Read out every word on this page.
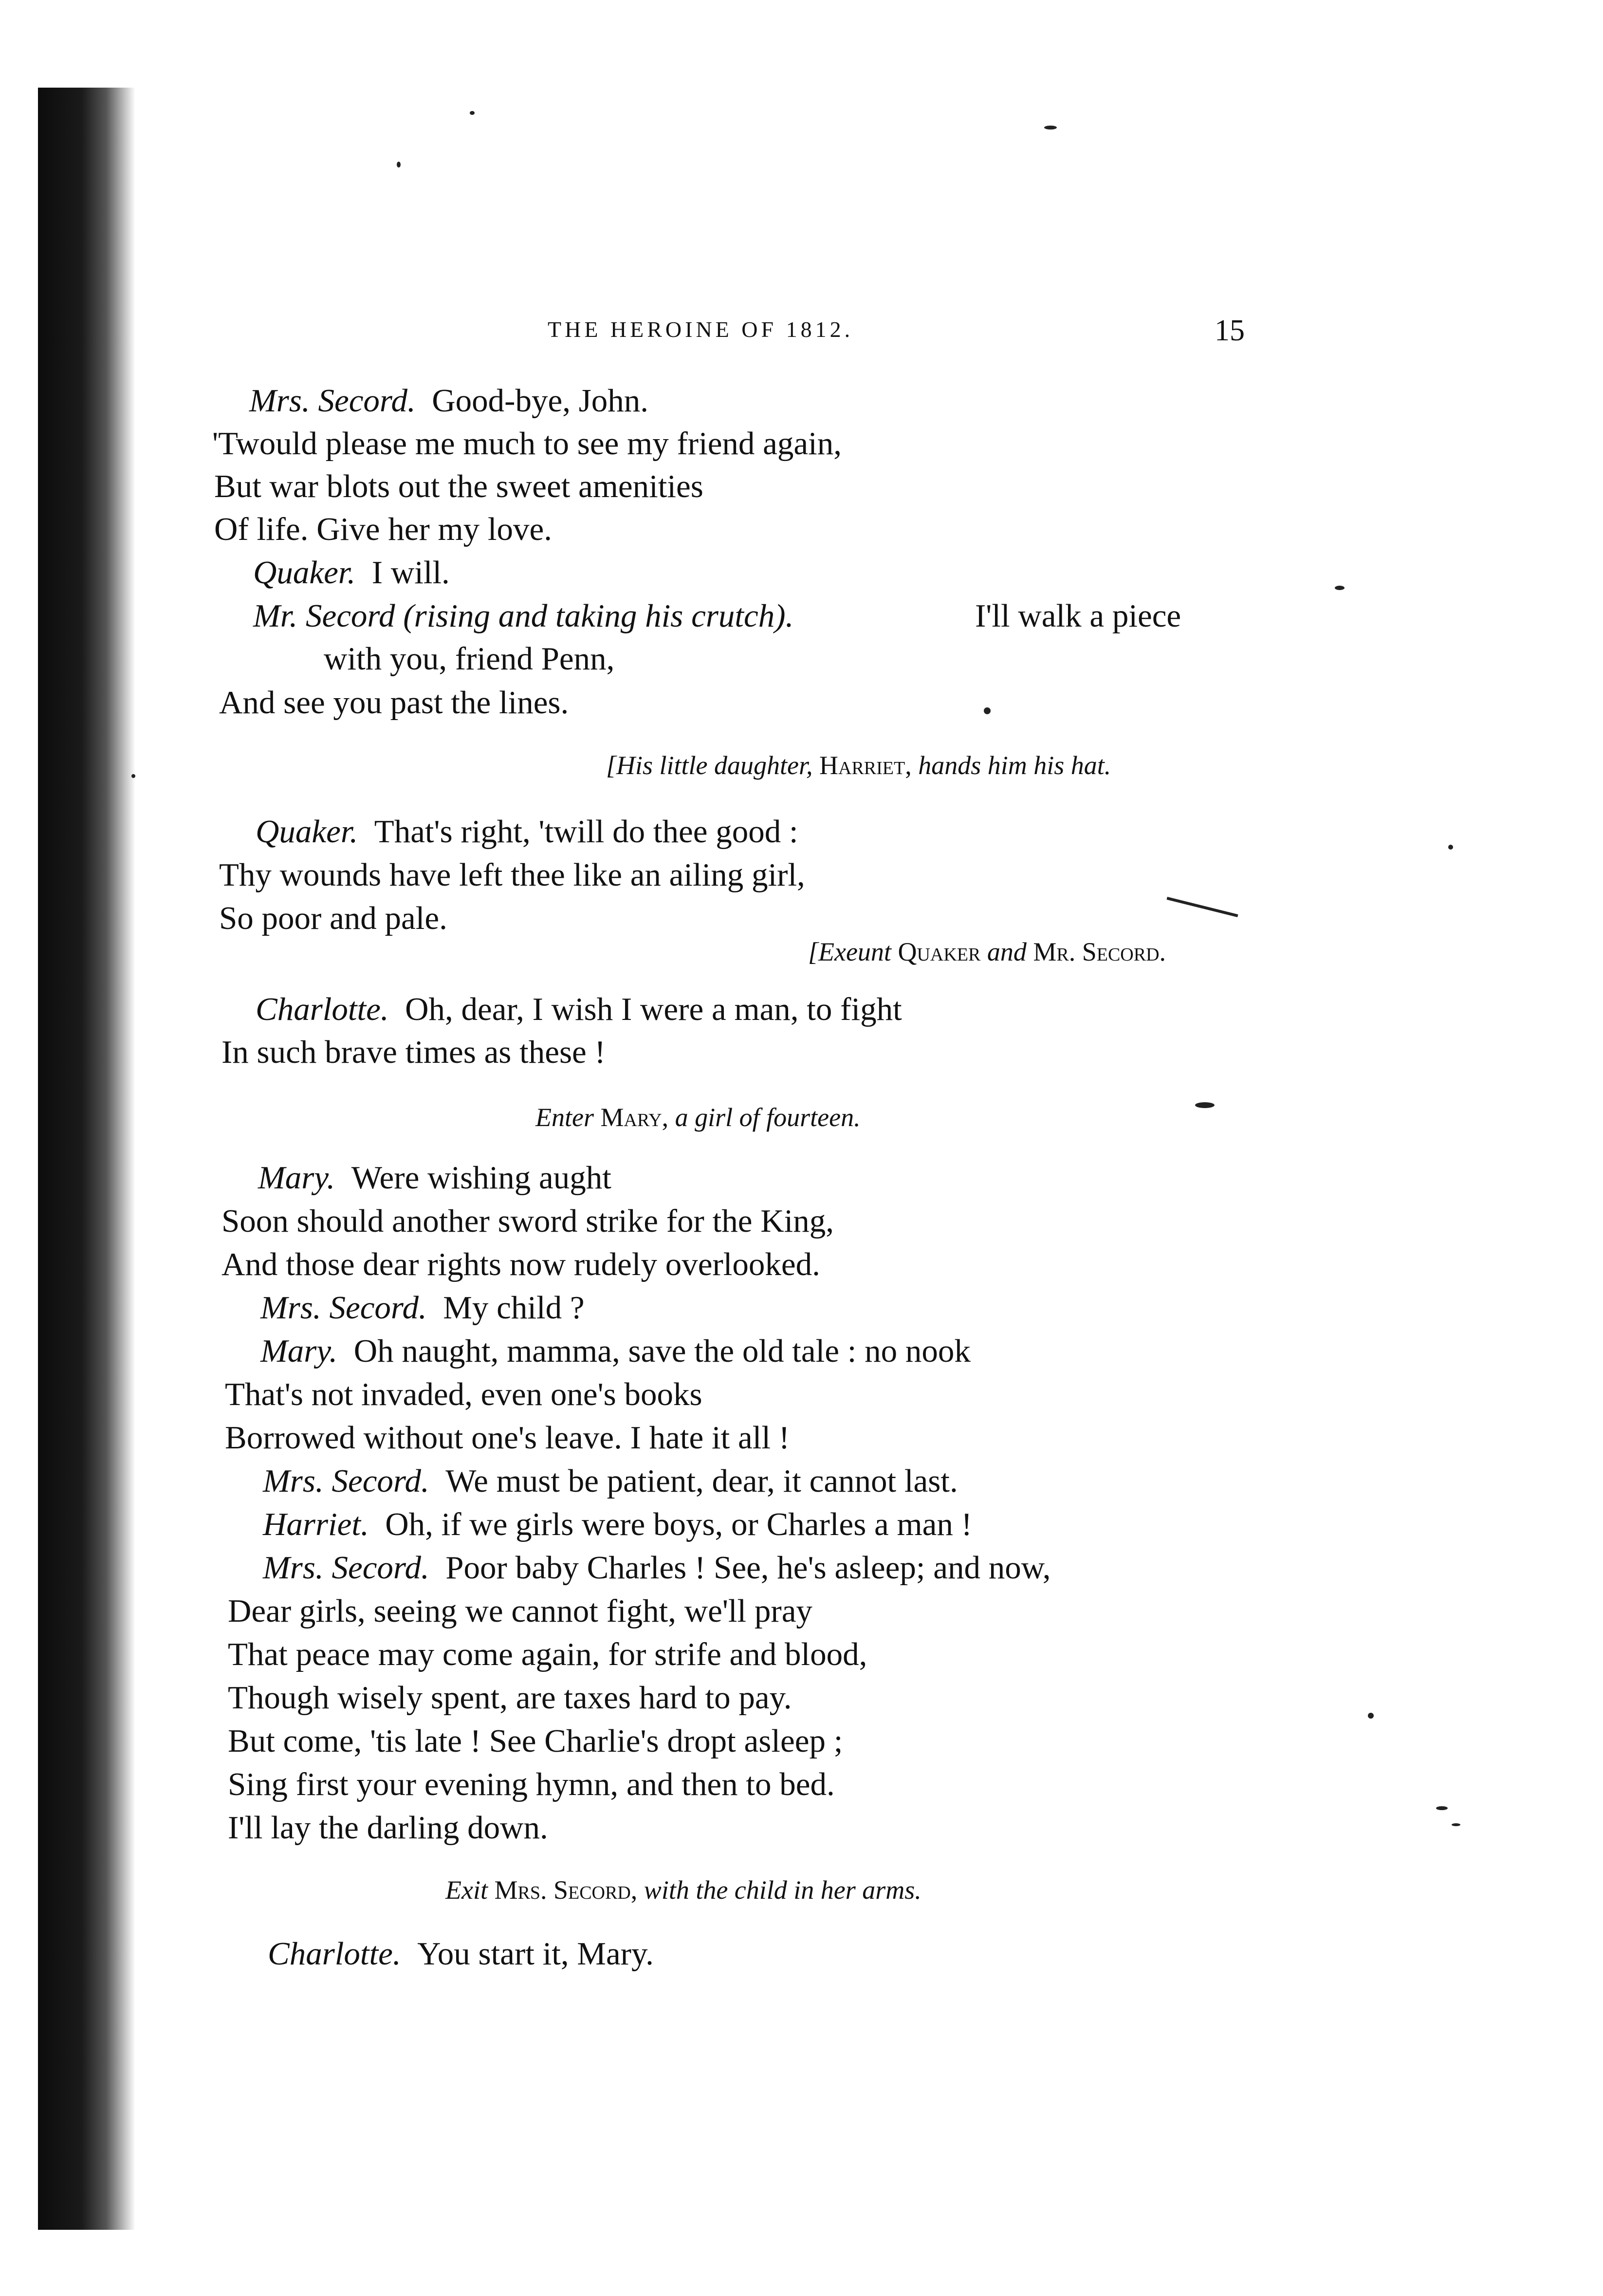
THE HEROINE OF 1812.	15
Mrs. Secord. Good-bye, John.
'Twould please me much to see my friend again,
But war blots out the sweet amenities
Of life. Give her my love.
Quaker. I will.
Mr. Secord (rising and taking his crutch).	I'll walk a piece
with you, friend Penn,
And see you past the lines.
[His little daughter, Harriet, hands him his hat.
Quaker. That's right, 'twill do thee good :
Thy wounds have left thee like an ailing girl,
So poor and pale.
[Exeunt Quaker and Mr. Secord.
Charlotte. Oh, dear, I wish I were a man, to fight
In such brave times as these !
Enter Mary, a girl of fourteen.
Mary. Were wishing aught
Soon should another sword strike for the King,
And those dear rights now rudely overlooked.
Mrs. Secord. My child ?
Mary. Oh naught, mamma, save the old tale : no nook
That's not invaded, even one's books
Borrowed without one's leave. I hate it all !
Mrs. Secord. We must be patient, dear, it cannot last.
Harriet. Oh, if we girls were boys, or Charles a man !
Mrs. Secord. Poor baby Charles ! See, he's asleep; and now,
Dear girls, seeing we cannot fight, we'll pray
That peace may come again, for strife and blood,
Though wisely spent, are taxes hard to pay.
But come, 'tis late ! See Charlie's dropt asleep ;
Sing first your evening hymn, and then to bed.
I'll lay the darling down.
Exit Mrs. Secord, with the child in her arms.
Charlotte. You start it, Mary.
